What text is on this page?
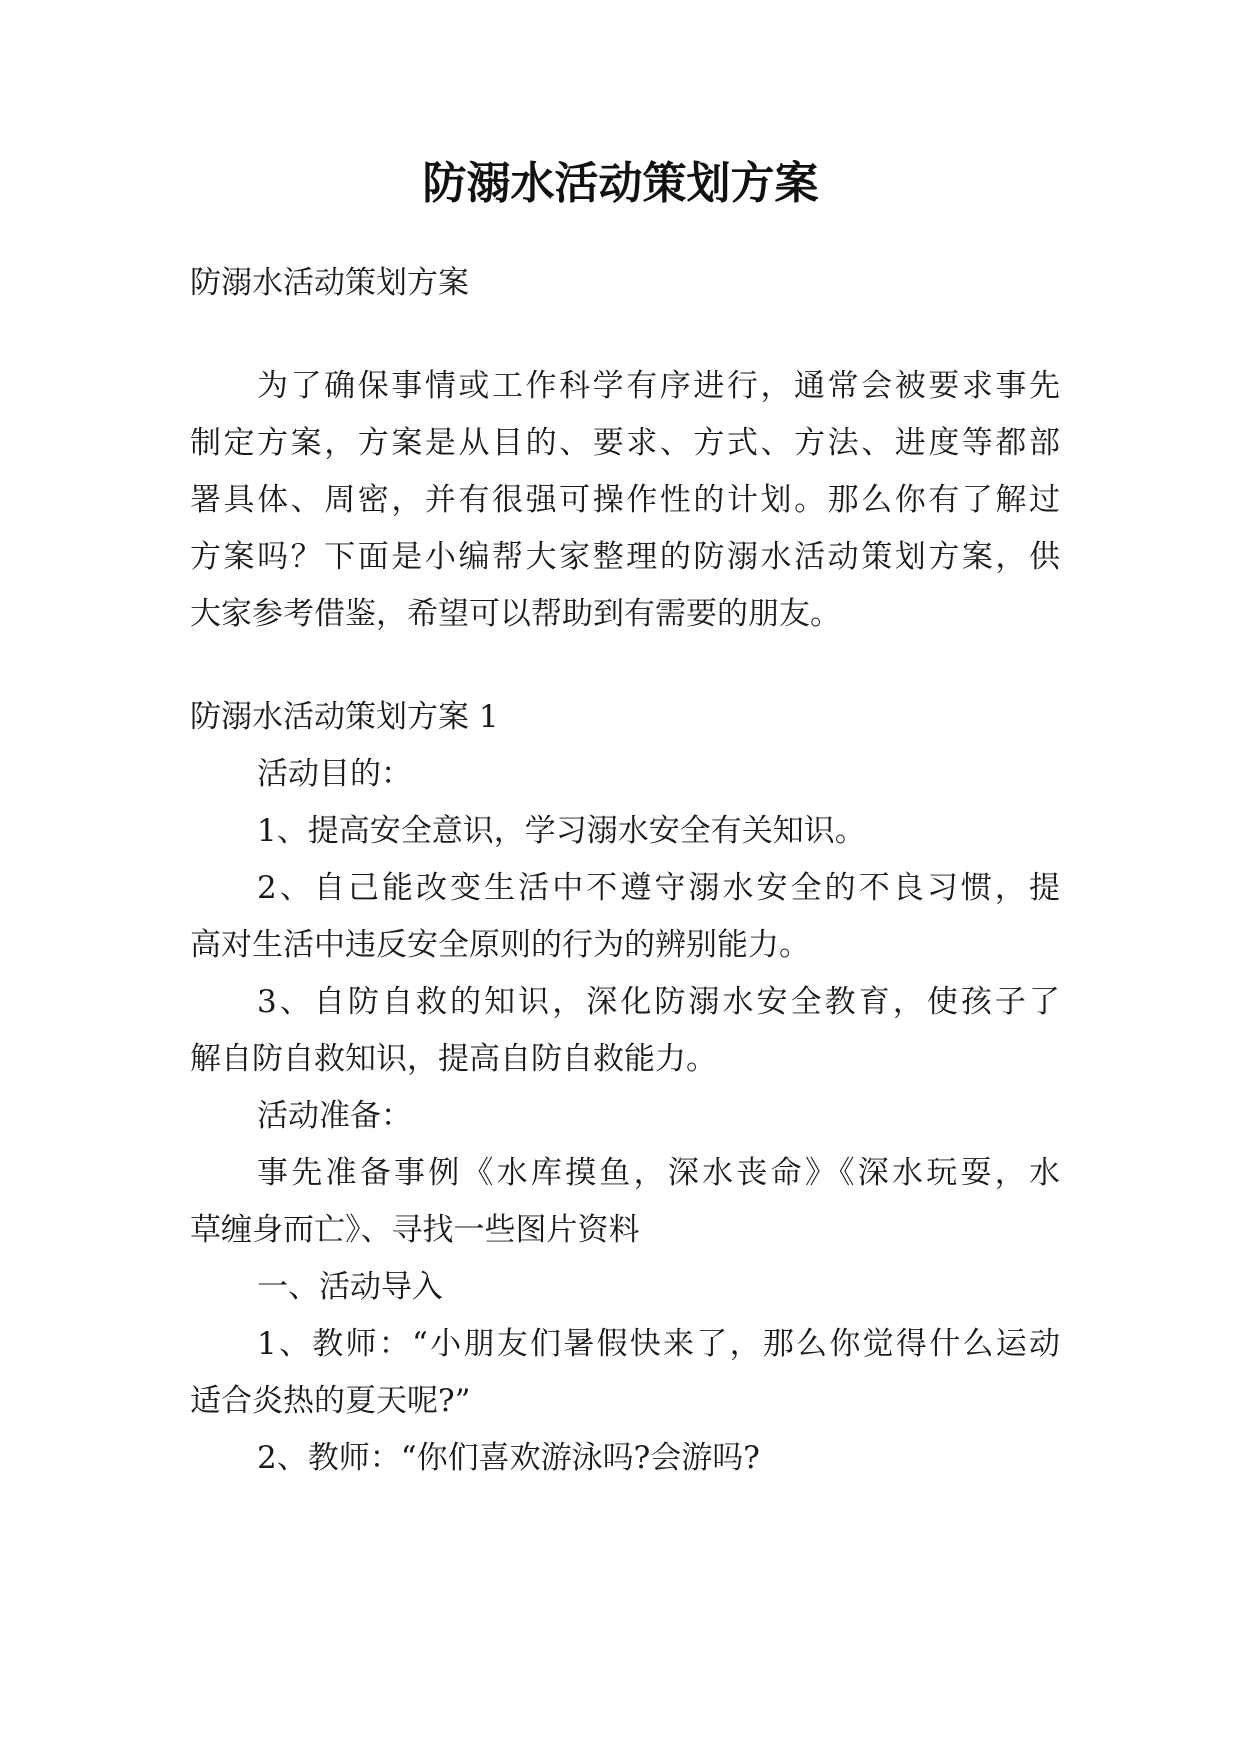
防溺水活动策划方案
防溺水活动策划方案
为了确保事情或工作科学有序进行，通常会被要求事先
制定方案，方案是从目的、要求、方式、方法、进度等都部
署具体、周密，并有很强可操作性的计划。那么你有了解过
方案吗？下面是小编帮大家整理的防溺水活动策划方案，供
大家参考借鉴，希望可以帮助到有需要的朋友。
防溺水活动策划方案 1
活动目的：
1、提高安全意识，学习溺水安全有关知识。
2、自己能改变生活中不遵守溺水安全的不良习惯，提
高对生活中违反安全原则的行为的辨别能力。
3、自防自救的知识，深化防溺水安全教育，使孩子了
解自防自救知识，提高自防自救能力。
活动准备：
事先准备事例《水库摸鱼，深水丧命》《深水玩耍，水
草缠身而亡》、寻找一些图片资料
一、活动导入
1、教师：“小朋友们暑假快来了，那么你觉得什么运动
适合炎热的夏天呢?”
2、教师：“你们喜欢游泳吗?会游吗?
